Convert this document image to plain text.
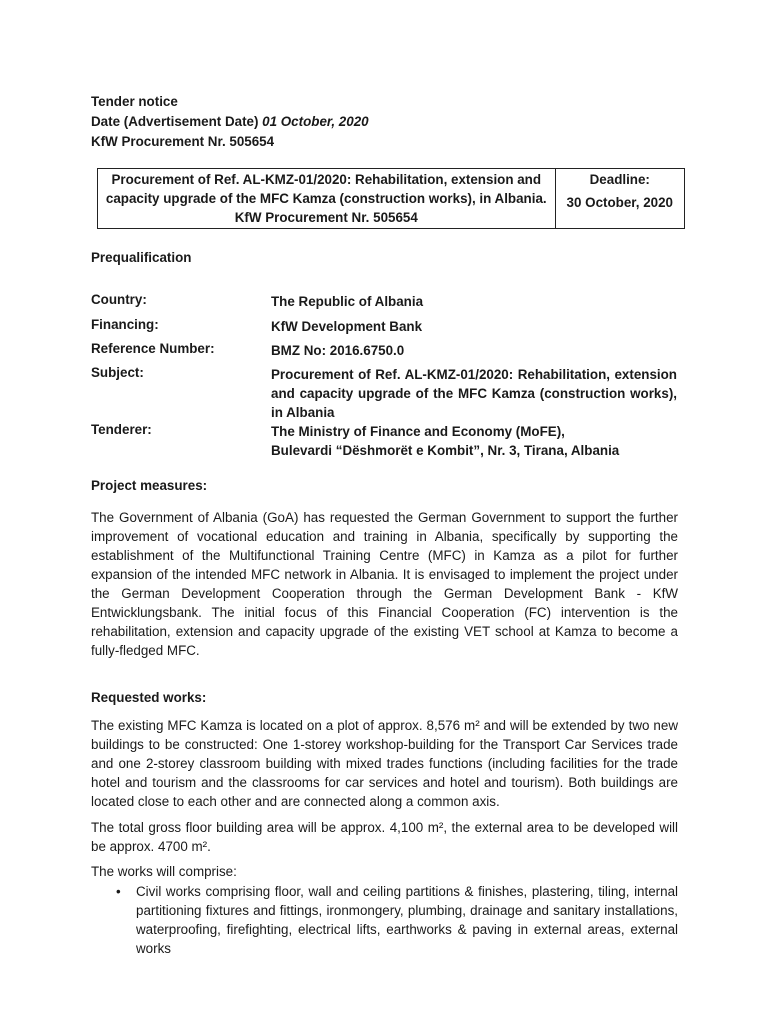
Tender notice
Date (Advertisement Date) 01 October, 2020
KfW Procurement Nr. 505654
Procurement of Ref. AL-KMZ-01/2020: Rehabilitation, extension and capacity upgrade of the MFC Kamza (construction works), in Albania. KfW Procurement Nr. 505654	Deadline:
30 October, 2020
Prequalification
Country:	The Republic of Albania
Financing:	KfW Development Bank
Reference Number:	BMZ No: 2016.6750.0
Subject:	Procurement of Ref. AL-KMZ-01/2020: Rehabilitation, extension and capacity upgrade of the MFC Kamza (construction works), in Albania
Tenderer:	The Ministry of Finance and Economy (MoFE),
Bulevardi “Dëshmorët e Kombit”, Nr. 3, Tirana, Albania
Project measures:
The Government of Albania (GoA) has requested the German Government to support the further improvement of vocational education and training in Albania, specifically by supporting the establishment of the Multifunctional Training Centre (MFC) in Kamza as a pilot for further expansion of the intended MFC network in Albania. It is envisaged to implement the project under the German Development Cooperation through the German Development Bank - KfW Entwicklungsbank. The initial focus of this Financial Cooperation (FC) intervention is the rehabilitation, extension and capacity upgrade of the existing VET school at Kamza to become a fully-fledged MFC.
Requested works:
The existing MFC Kamza is located on a plot of approx. 8,576 m² and will be extended by two new buildings to be constructed: One 1-storey workshop-building for the Transport Car Services trade and one 2-storey classroom building with mixed trades functions (including facilities for the trade hotel and tourism and the classrooms for car services and hotel and tourism). Both buildings are located close to each other and are connected along a common axis.
The total gross floor building area will be approx. 4,100 m², the external area to be developed will be approx. 4700 m².
The works will comprise:
• Civil works comprising floor, wall and ceiling partitions & finishes, plastering, tiling, internal partitioning fixtures and fittings, ironmongery, plumbing, drainage and sanitary installations, waterproofing, firefighting, electrical lifts, earthworks & paving in external areas, external works
